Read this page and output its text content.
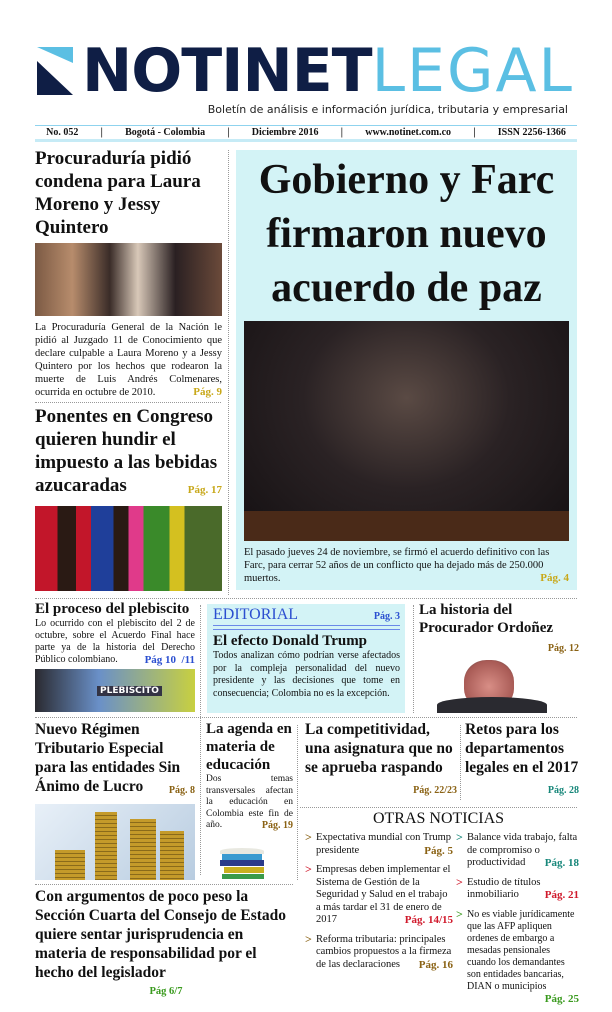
NOTINETLEGAL
Boletín de análisis e información jurídica, tributaria y empresarial
No. 052 | Bogotá - Colombia | Diciembre 2016 | www.notinet.com.co | ISSN 2256-1366
Procuraduría pidió condena para Laura Moreno y Jessy Quintero
La Procuraduría General de la Nación le pidió al Juzgado 11 de Conocimiento que declare culpable a Laura Moreno y a Jessy Quintero por los hechos que rodearon la muerte de Luis Andrés Colmenares, ocurrida en octubre de 2010.	Pág. 9
Ponentes en Congreso quieren hundir el impuesto a las bebidas azucaradas	Pág. 17
Gobierno y Farc firmaron nuevo acuerdo de paz
El pasado jueves 24 de noviembre, se firmó el acuerdo definitivo con las Farc, para cerrar 52 años de un conflicto que ha dejado más de 250.000 muertos.	Pág. 4
El proceso del plebiscito
Lo ocurrido con el plebiscito del 2 de octubre, sobre el Acuerdo Final hace parte ya de la historia del Derecho Público colombiano. Pág 10  /11
PLEBISCITO
EDITORIAL	Pág. 3
El efecto Donald Trump
Todos analizan cómo podrían verse afectados por la compleja personalidad del nuevo presidente y las decisiones que tome en consecuencia; Colombia no es la excepción.
La historia del Procurador Ordoñez
Pág. 12
Nuevo Régimen Tributario Especial para las entidades Sin Ánimo de Lucro	Pág. 8
La agenda en materia de educación
Dos temas transversales afectan la educación en Colombia este fin de año.	Pág. 19
La competitividad, una asignatura que no se aprueba raspando
Pág. 22/23
Retos para los departamentos legales en el 2017
Pág. 28
OTRAS NOTICIAS
> Expectativa mundial con Trump presidente	Pág. 5
> Empresas deben implementar el Sistema de Gestión de la Seguridad y Salud en el trabajo a más tardar el 31 de enero de 2017	Pág. 14/15
> Reforma tributaria: principales cambios propuestos a la firmeza de las declaraciones Pág. 16
> Balance vida trabajo, falta de compromiso o productividad Pág. 18
> Estudio de títulos inmobiliario Pág. 21
> No es viable jurídicamente que las AFP apliquen ordenes de embargo a mesadas pensionales cuando los demandantes son entidades bancarias, DIAN o municipios
Pág. 25
Con argumentos de poco peso la Sección Cuarta del Consejo de Estado quiere sentar jurisprudencia en materia de responsabilidad por el hecho del legislador
Pág 6/7
